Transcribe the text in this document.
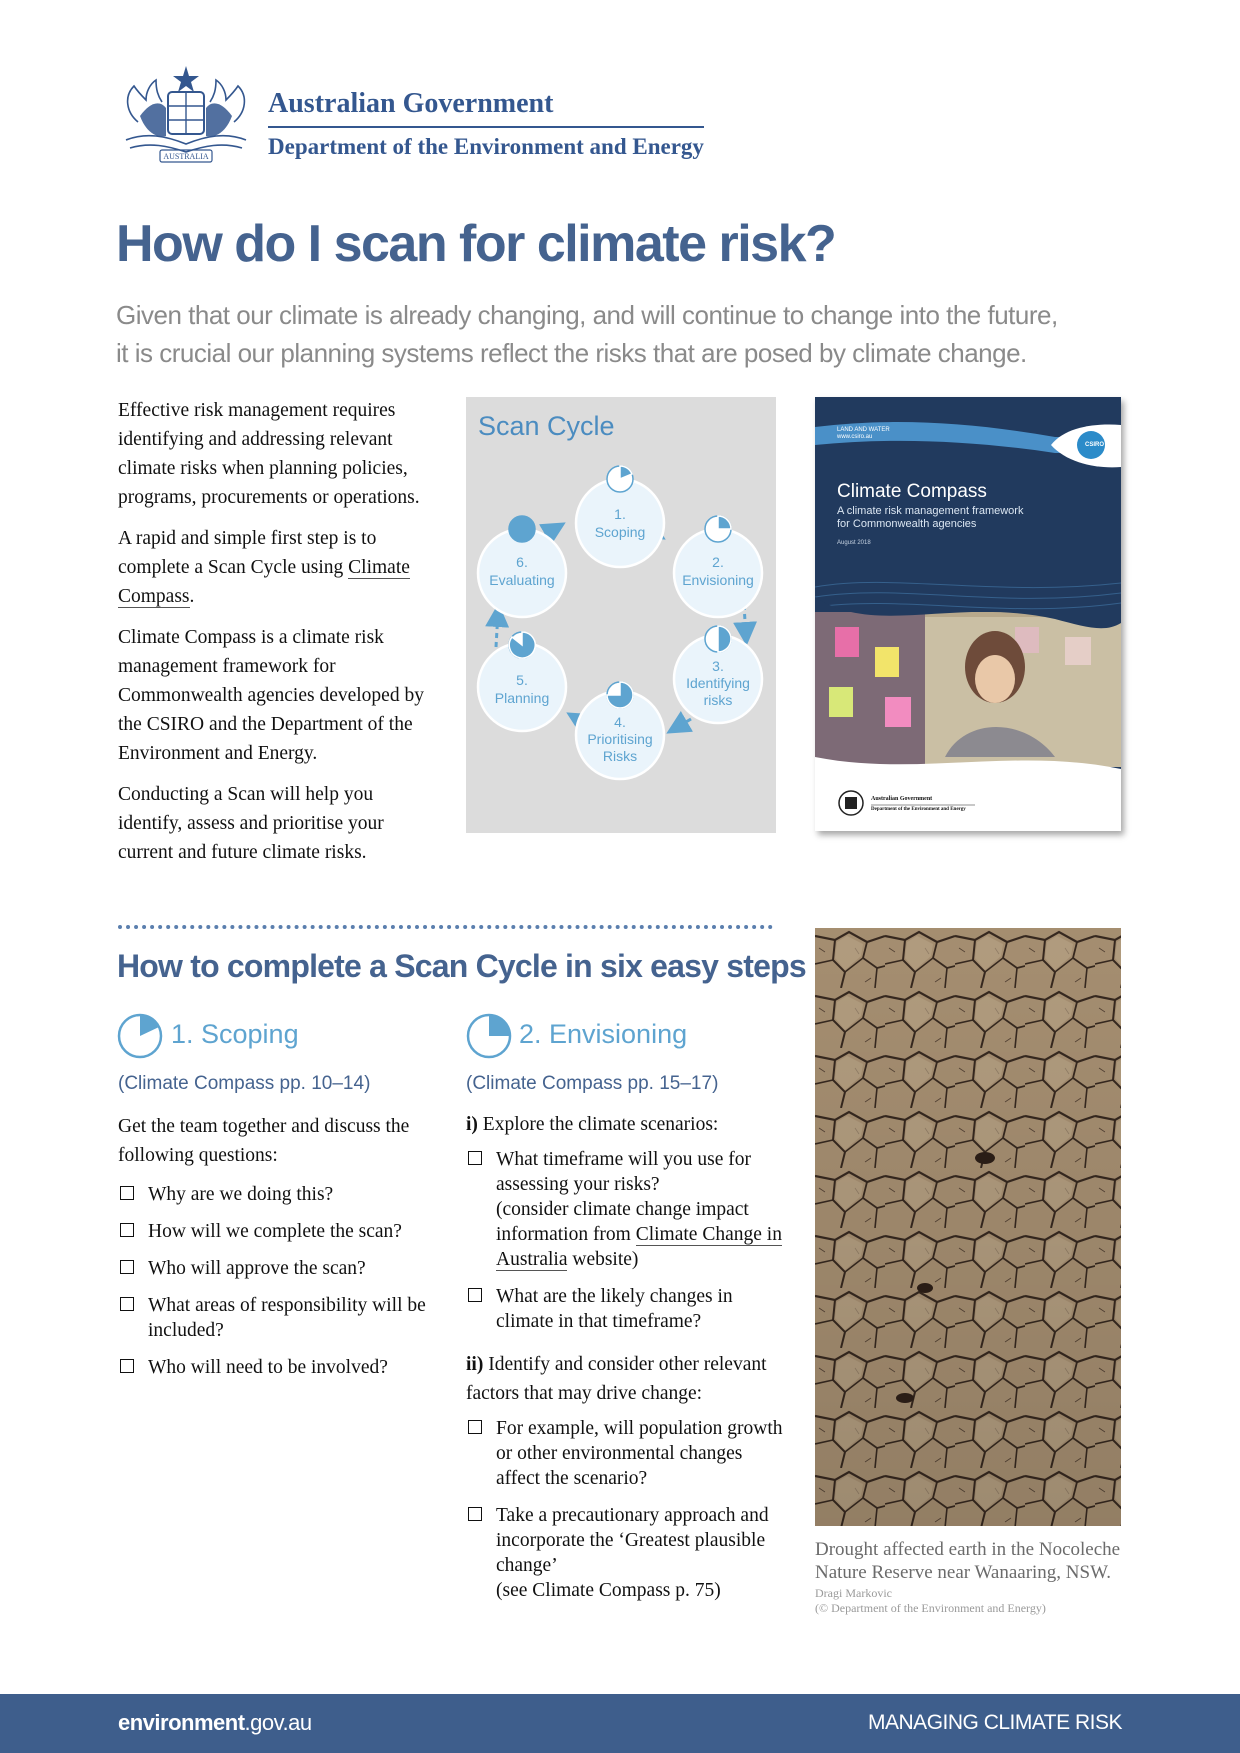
AUSTRALIA
Australian Government
Department of the Environment and Energy
How do I scan for climate risk?

Given that our climate is already changing, and will continue to change into the future,

it is crucial our planning systems reflect the risks that are posed by climate change.

Effective risk management requires identifying and addressing relevant climate risks when planning policies, programs, procurements or operations.

A rapid and simple first step is to complete a Scan Cycle using Climate Compass.

Climate Compass is a climate risk management framework for Commonwealth agencies developed by the CSIRO and the Department of the Environment and Energy.

Conducting a Scan will help you identify, assess and prioritise your current and future climate risks.

Scan Cycle
1.
Scoping
2.
Envisioning
3.
Identifying
risks
4.
Prioritising
Risks
5.
Planning
6.
Evaluating
LAND AND WATER
www.csiro.au
CSIRO
Climate Compass
A climate risk management framework for Commonwealth agencies
August 2018
Australian Government
Department of the Environment and Energy
How to complete a Scan Cycle in six easy steps
1. Scoping
(Climate Compass pp. 10–14)

Get the team together and discuss the following questions:

Why are we doing this?
How will we complete the scan?
Who will approve the scan?
What areas of responsibility will be included?
Who will need to be involved?
2. Envisioning
(Climate Compass pp. 15–17)

i) Explore the climate scenarios:

What timeframe will you use for assessing your risks?
(consider climate change impact information from Climate Change in Australia website)
What are the likely changes in climate in that timeframe?

ii) Identify and consider other relevant factors that may drive change:

For example, will population growth or other environmental changes affect the scenario?
Take a precautionary approach and incorporate the ‘Greatest plausible change’
(see Climate Compass p. 75)
Drought affected earth in the Nocoleche Nature Reserve near Wanaaring, NSW.
Dragi Markovic
(© Department of the Environment and Energy)
environment.gov.au	MANAGING CLIMATE RISK
